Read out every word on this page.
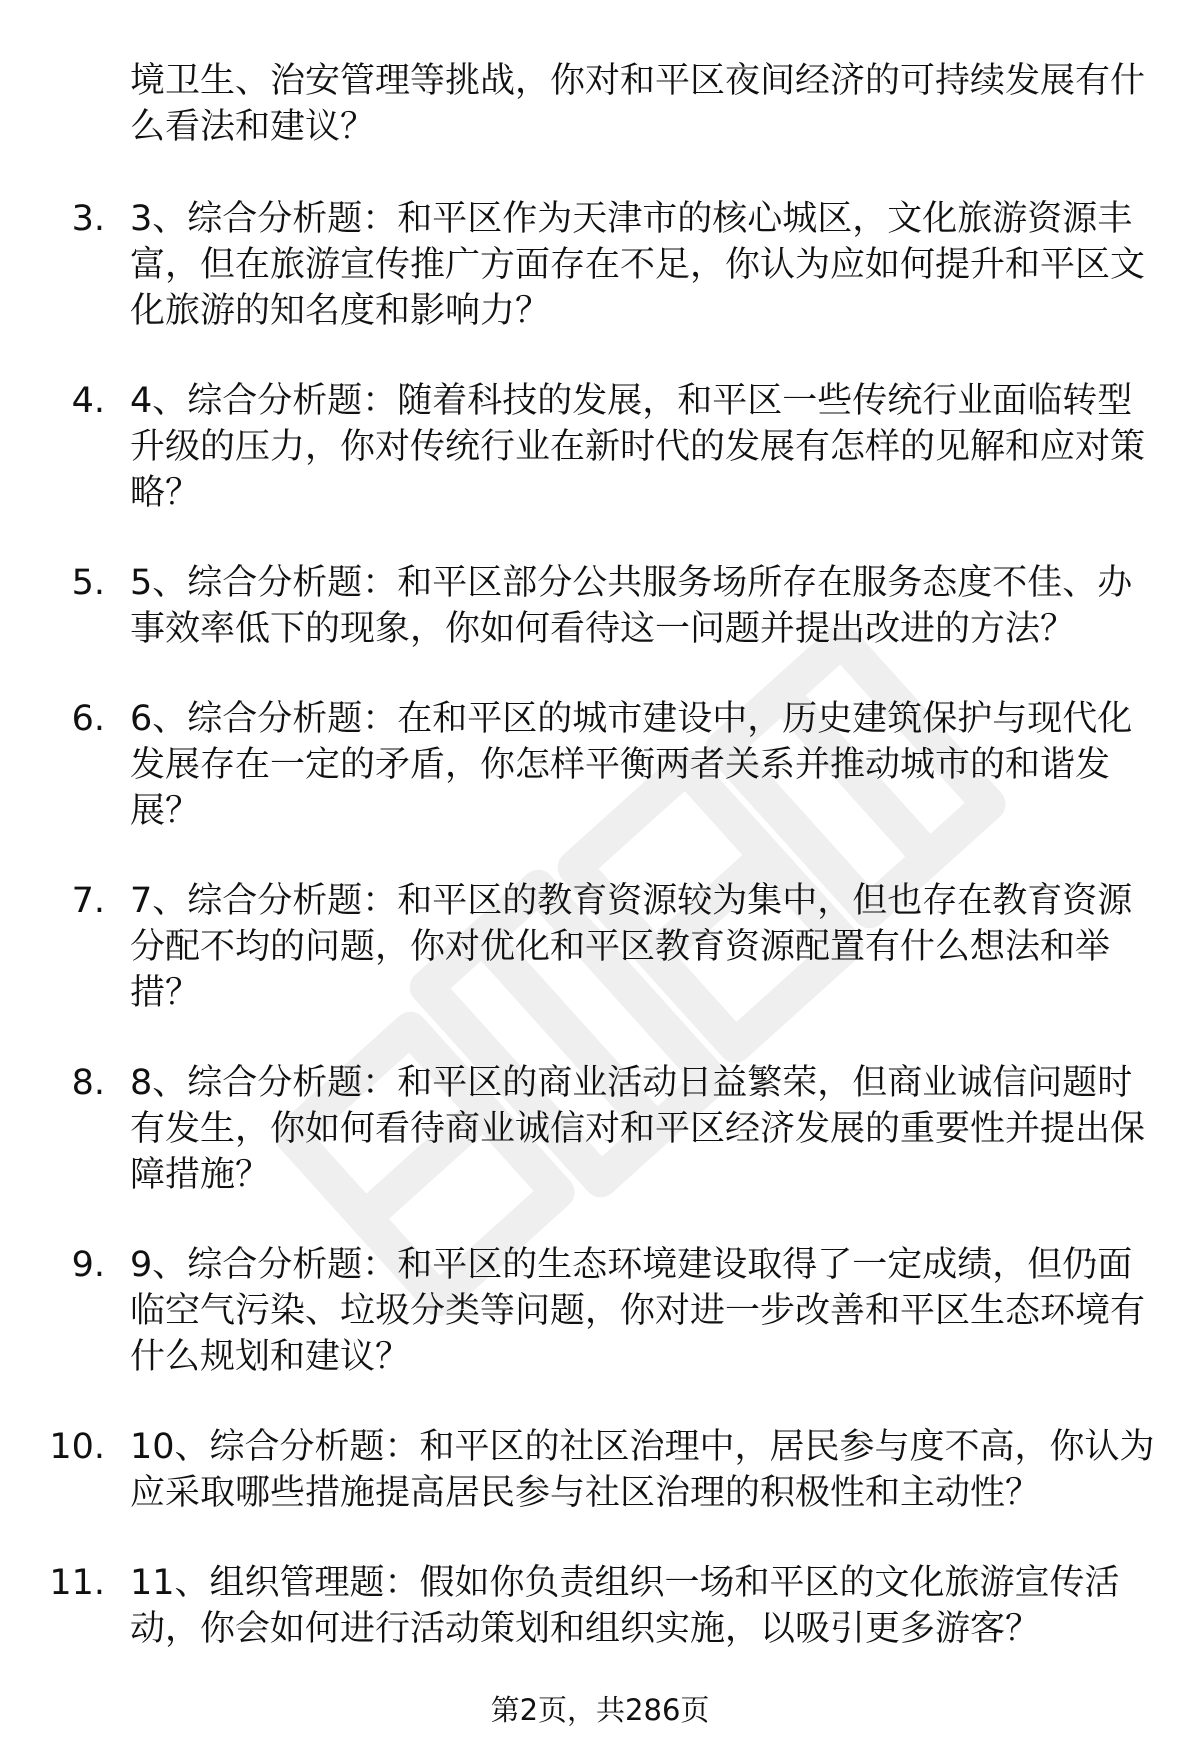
境卫生、治安管理等挑战，你对和平区夜间经济的可持续发展有什么看法和建议？
3. 3、综合分析题：和平区作为天津市的核心城区，文化旅游资源丰富，但在旅游宣传推广方面存在不足，你认为应如何提升和平区文化旅游的知名度和影响力？
4. 4、综合分析题：随着科技的发展，和平区一些传统行业面临转型升级的压力，你对传统行业在新时代的发展有怎样的见解和应对策略？
5. 5、综合分析题：和平区部分公共服务场所存在服务态度不佳、办事效率低下的现象，你如何看待这一问题并提出改进的方法？
6. 6、综合分析题：在和平区的城市建设中，历史建筑保护与现代化发展存在一定的矛盾，你怎样平衡两者关系并推动城市的和谐发展？
7. 7、综合分析题：和平区的教育资源较为集中，但也存在教育资源分配不均的问题，你对优化和平区教育资源配置有什么想法和举措？
8. 8、综合分析题：和平区的商业活动日益繁荣，但商业诚信问题时有发生，你如何看待商业诚信对和平区经济发展的重要性并提出保障措施？
9. 9、综合分析题：和平区的生态环境建设取得了一定成绩，但仍面临空气污染、垃圾分类等问题，你对进一步改善和平区生态环境有什么规划和建议？
10. 10、综合分析题：和平区的社区治理中，居民参与度不高，你认为应采取哪些措施提高居民参与社区治理的积极性和主动性？
11. 11、组织管理题：假如你负责组织一场和平区的文化旅游宣传活动，你会如何进行活动策划和组织实施，以吸引更多游客？
第2页，共286页
